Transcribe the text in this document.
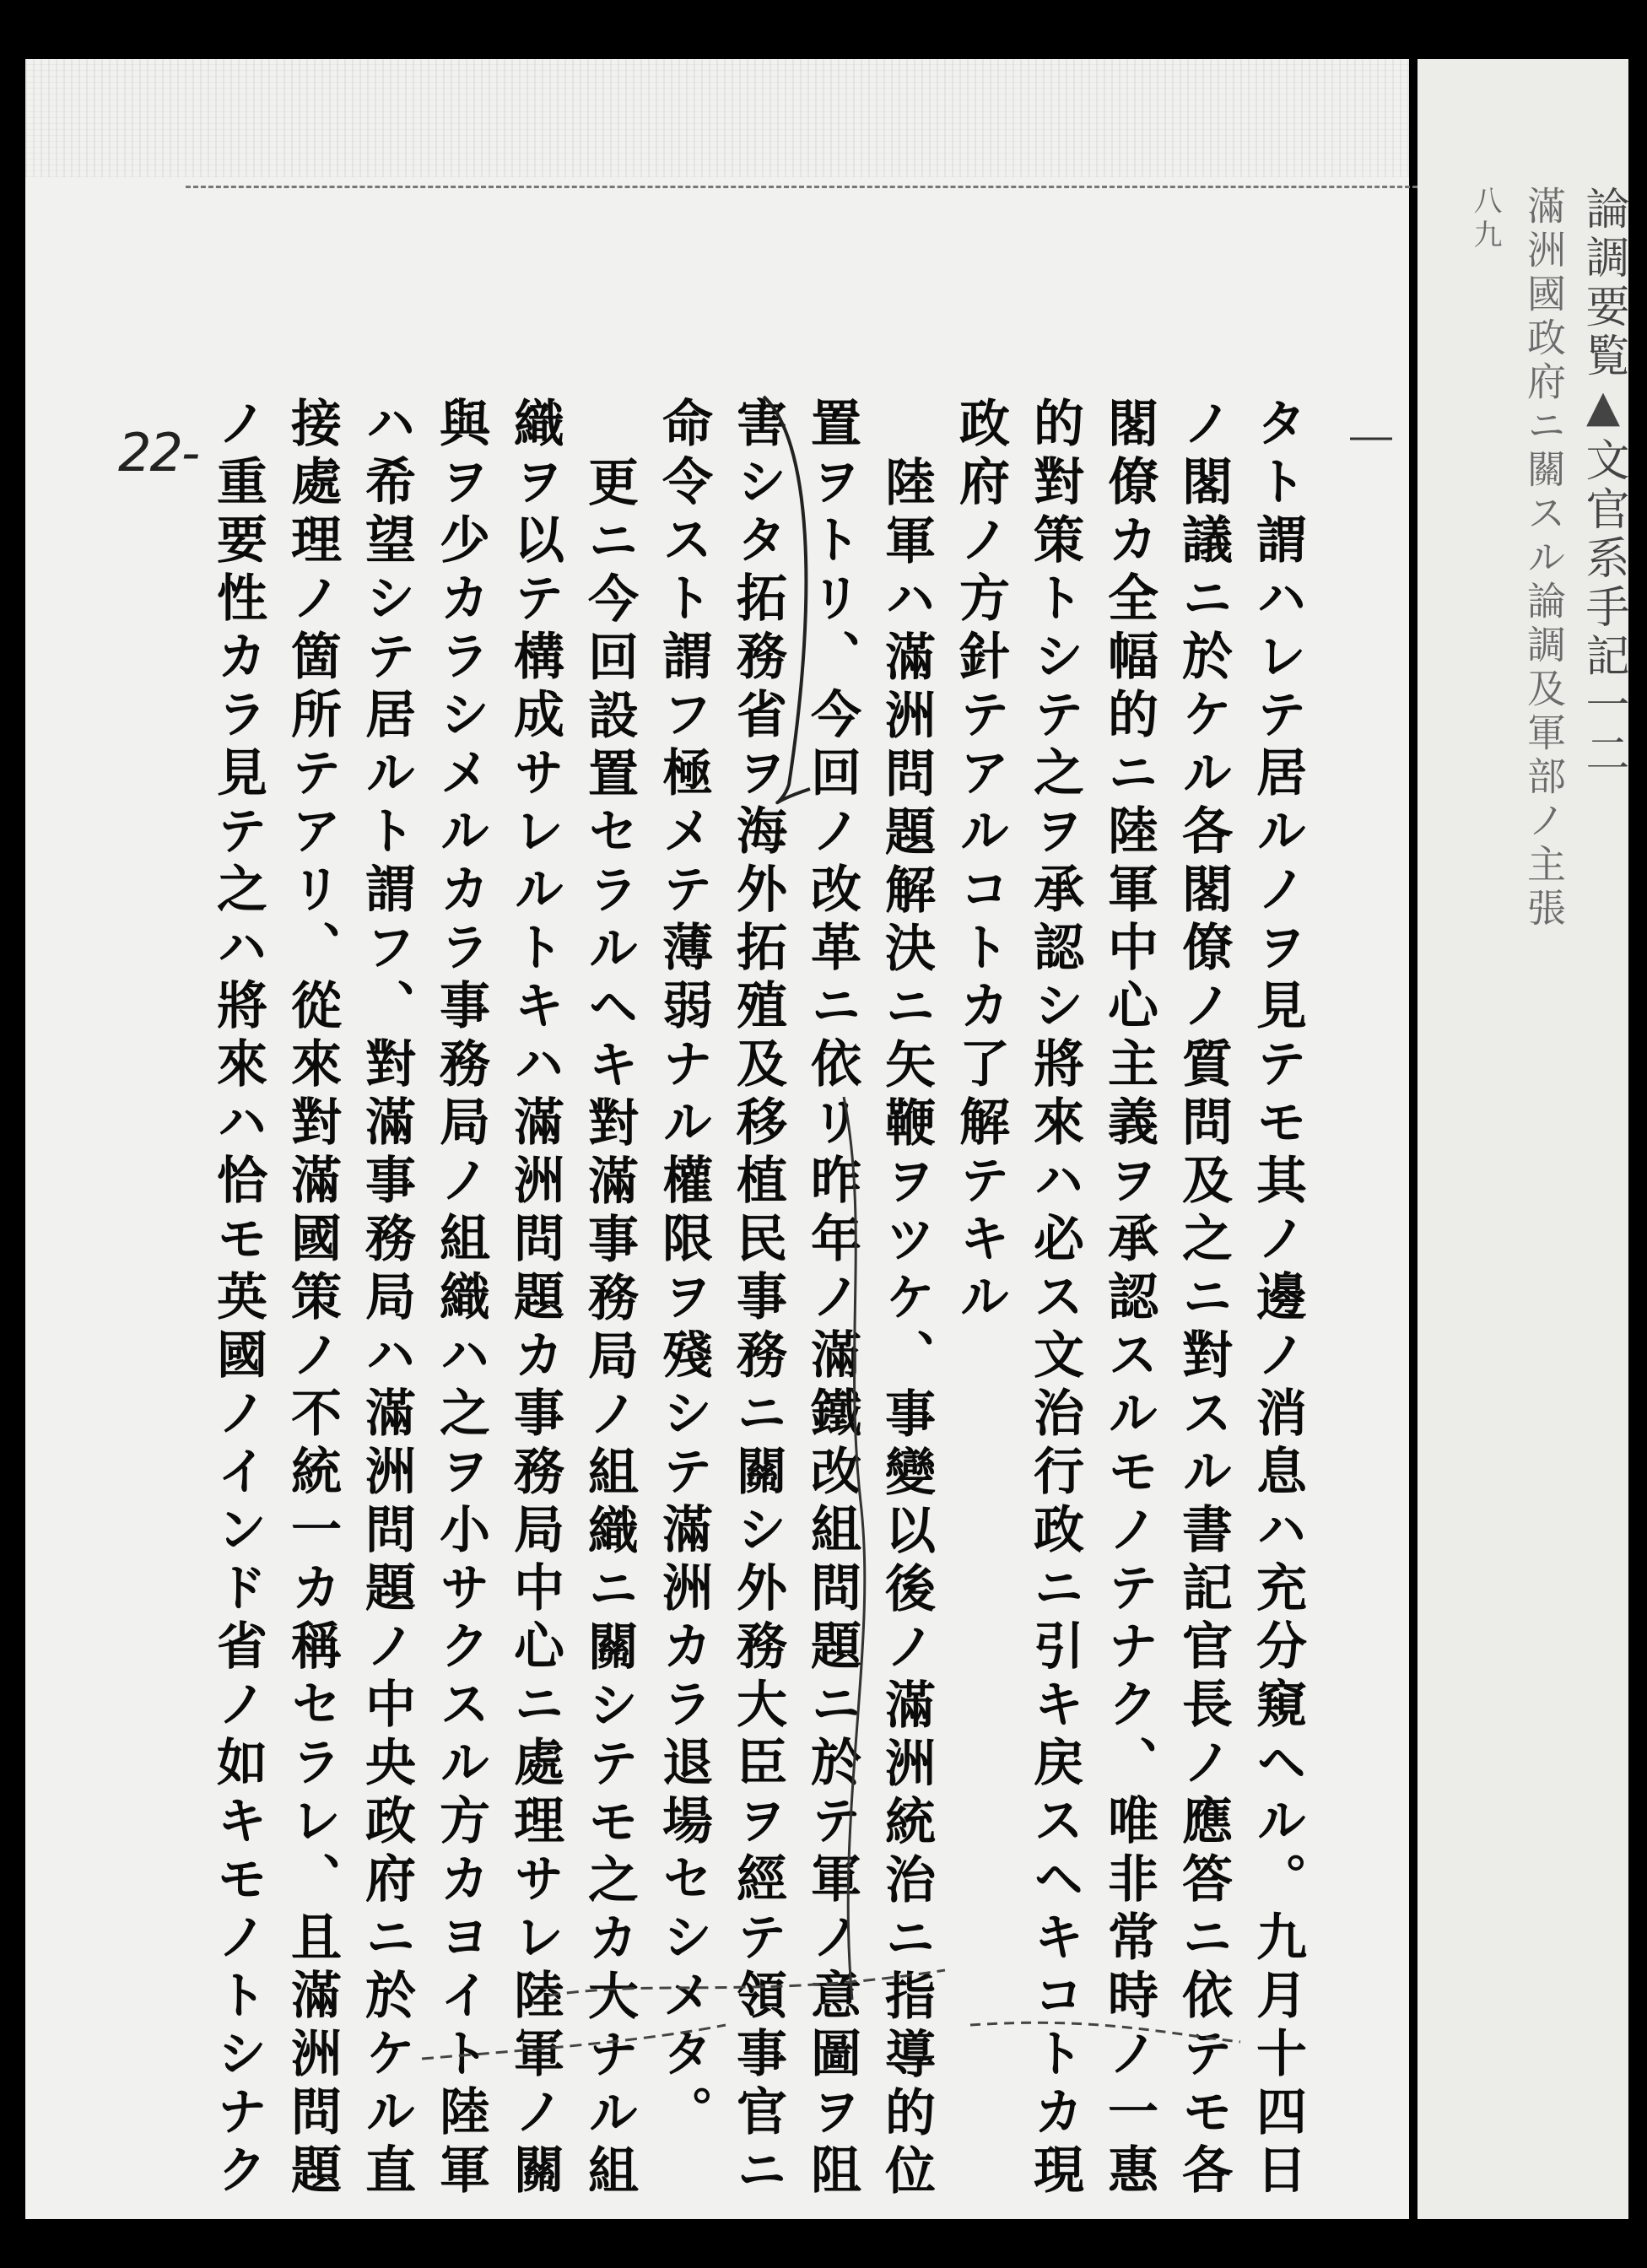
論調要覧▲文官系手記一二
滿洲國政府ニ關スル論調及軍部ノ主張
八九
22-	タト謂ハレテ居ルノヲ見テモ其ノ邊ノ消息ハ充分窺ヘル。九月十四日
ノ閣議ニ於ケル各閣僚ノ質問及之ニ對スル書記官長ノ應答ニ依テモ各
閣僚カ全幅的ニ陸軍中心主義ヲ承認スルモノテナク、唯非常時ノ一惠
的對策トシテ之ヲ承認シ將來ハ必ス文治行政ニ引キ戻スヘキコトカ現
政府ノ方針テアルコトカ了解テキル
陸軍ハ滿洲問題解決ニ矢鞭ヲツケ、事變以後ノ滿洲統治ニ指導的位
置ヲトリ、今回ノ改革ニ依リ昨年ノ滿鐵改組問題ニ於テ軍ノ意圖ヲ阻
害シタ拓務省ヲ海外拓殖及移植民事務ニ關シ外務大臣ヲ經テ領事官ニ
命令スト謂フ極メテ薄弱ナル權限ヲ殘シテ滿洲カラ退場セシメタ。
更ニ今回設置セラルヘキ對滿事務局ノ組織ニ關シテモ之カ大ナル組
織ヲ以テ構成サレルトキハ滿洲問題カ事務局中心ニ處理サレ陸軍ノ關
與ヲ少カラシメルカラ事務局ノ組織ハ之ヲ小サクスル方カヨイト陸軍
ハ希望シテ居ルト謂フ、對滿事務局ハ滿洲問題ノ中央政府ニ於ケル直
接處理ノ箇所テアリ、從來對滿國策ノ不統一カ稱セラレ、且滿洲問題
ノ重要性カラ見テ之ハ將來ハ恰モ英國ノインド省ノ如キモノトシナク
